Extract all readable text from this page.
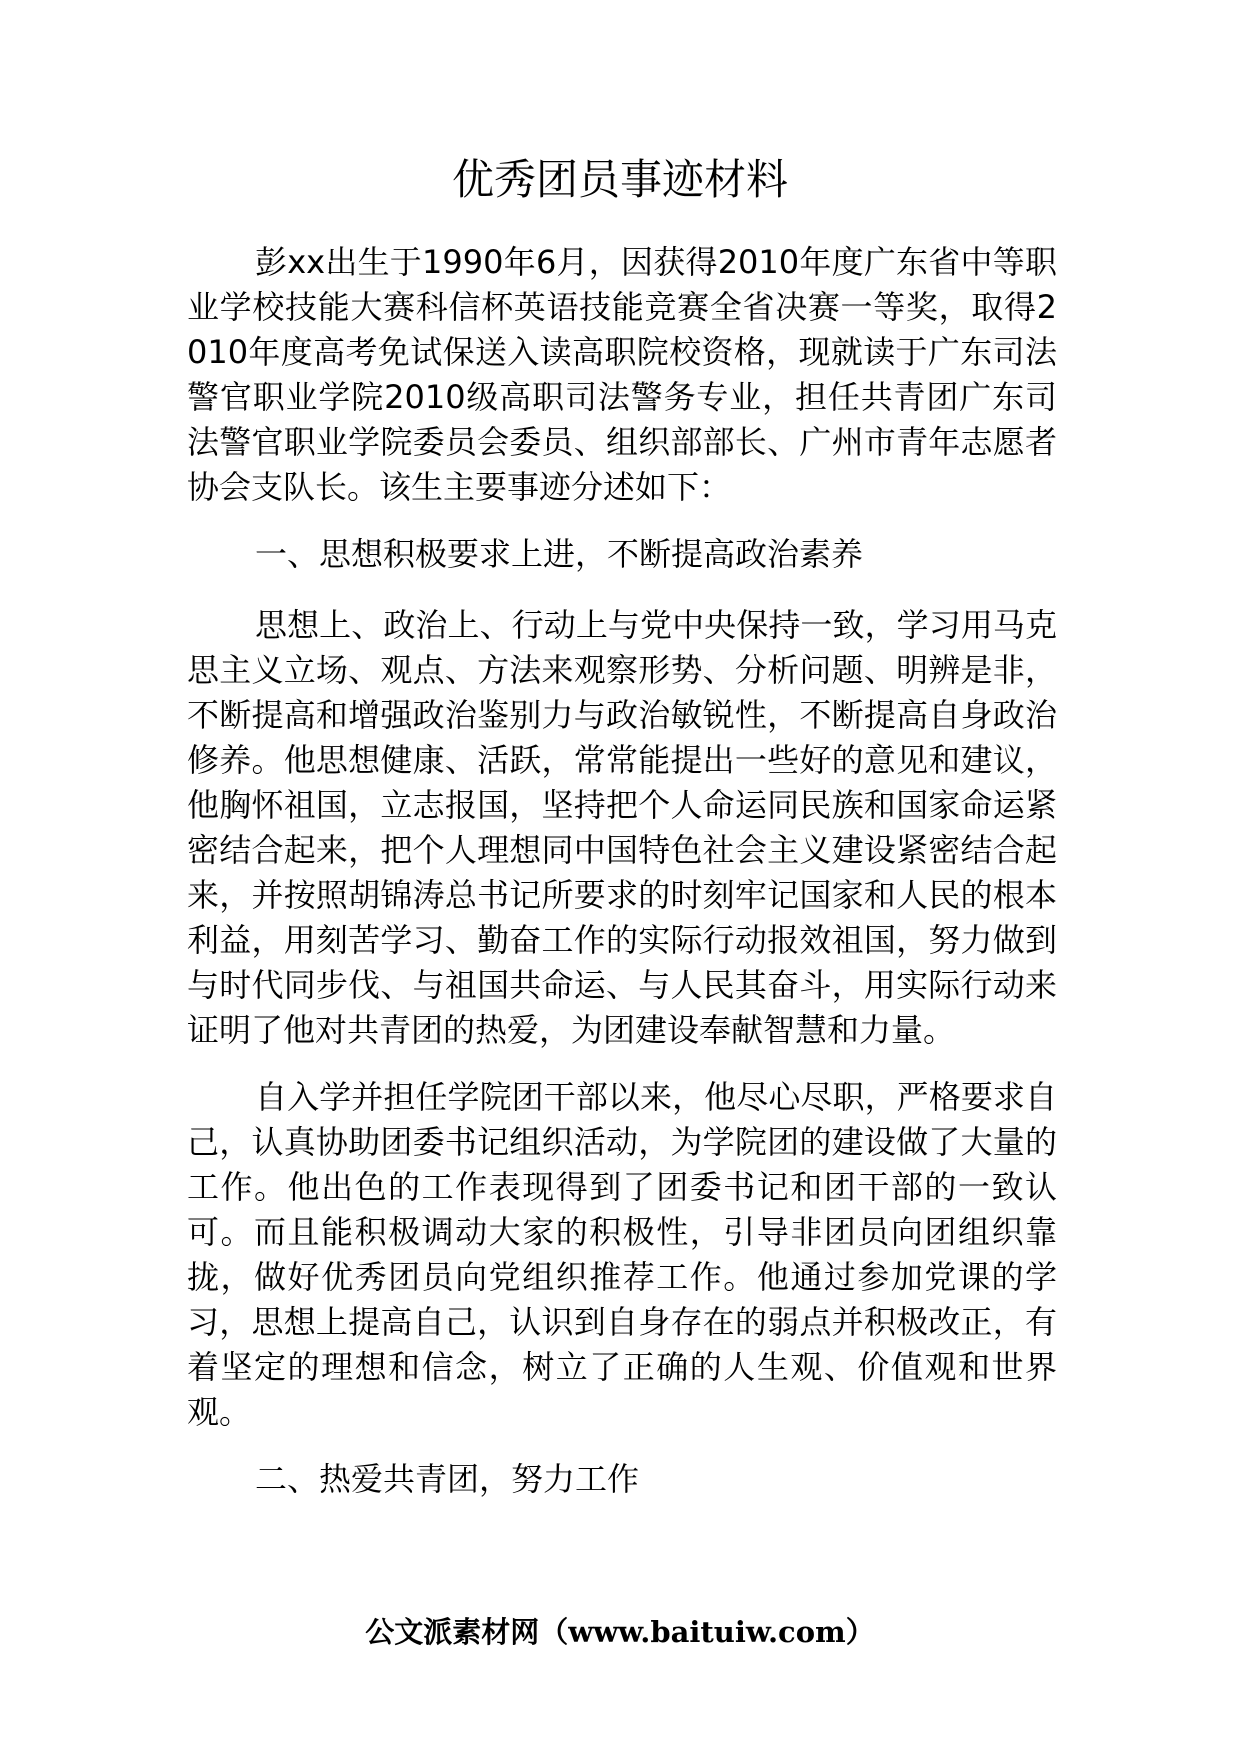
优秀团员事迹材料

彭xx出生于1990年6月，因获得2010年度广东省中等职业学校技能大赛科信杯英语技能竞赛全省决赛一等奖，取得2010年度高考免试保送入读高职院校资格，现就读于广东司法警官职业学院2010级高职司法警务专业，担任共青团广东司法警官职业学院委员会委员、组织部部长、广州市青年志愿者协会支队长。该生主要事迹分述如下：

一、思想积极要求上进，不断提高政治素养

思想上、政治上、行动上与党中央保持一致，学习用马克思主义立场、观点、方法来观察形势、分析问题、明辨是非，不断提高和增强政治鉴别力与政治敏锐性，不断提高自身政治修养。他思想健康、活跃，常常能提出一些好的意见和建议，他胸怀祖国，立志报国，坚持把个人命运同民族和国家命运紧密结合起来，把个人理想同中国特色社会主义建设紧密结合起来，并按照胡锦涛总书记所要求的时刻牢记国家和人民的根本利益，用刻苦学习、勤奋工作的实际行动报效祖国，努力做到与时代同步伐、与祖国共命运、与人民其奋斗，用实际行动来证明了他对共青团的热爱，为团建设奉献智慧和力量。

自入学并担任学院团干部以来，他尽心尽职，严格要求自己，认真协助团委书记组织活动，为学院团的建设做了大量的工作。他出色的工作表现得到了团委书记和团干部的一致认可。而且能积极调动大家的积极性，引导非团员向团组织靠拢，做好优秀团员向党组织推荐工作。他通过参加党课的学习，思想上提高自己，认识到自身存在的弱点并积极改正，有着坚定的理想和信念，树立了正确的人生观、价值观和世界观。

二、热爱共青团，努力工作

公文派素材网（www.baituiw.com）
